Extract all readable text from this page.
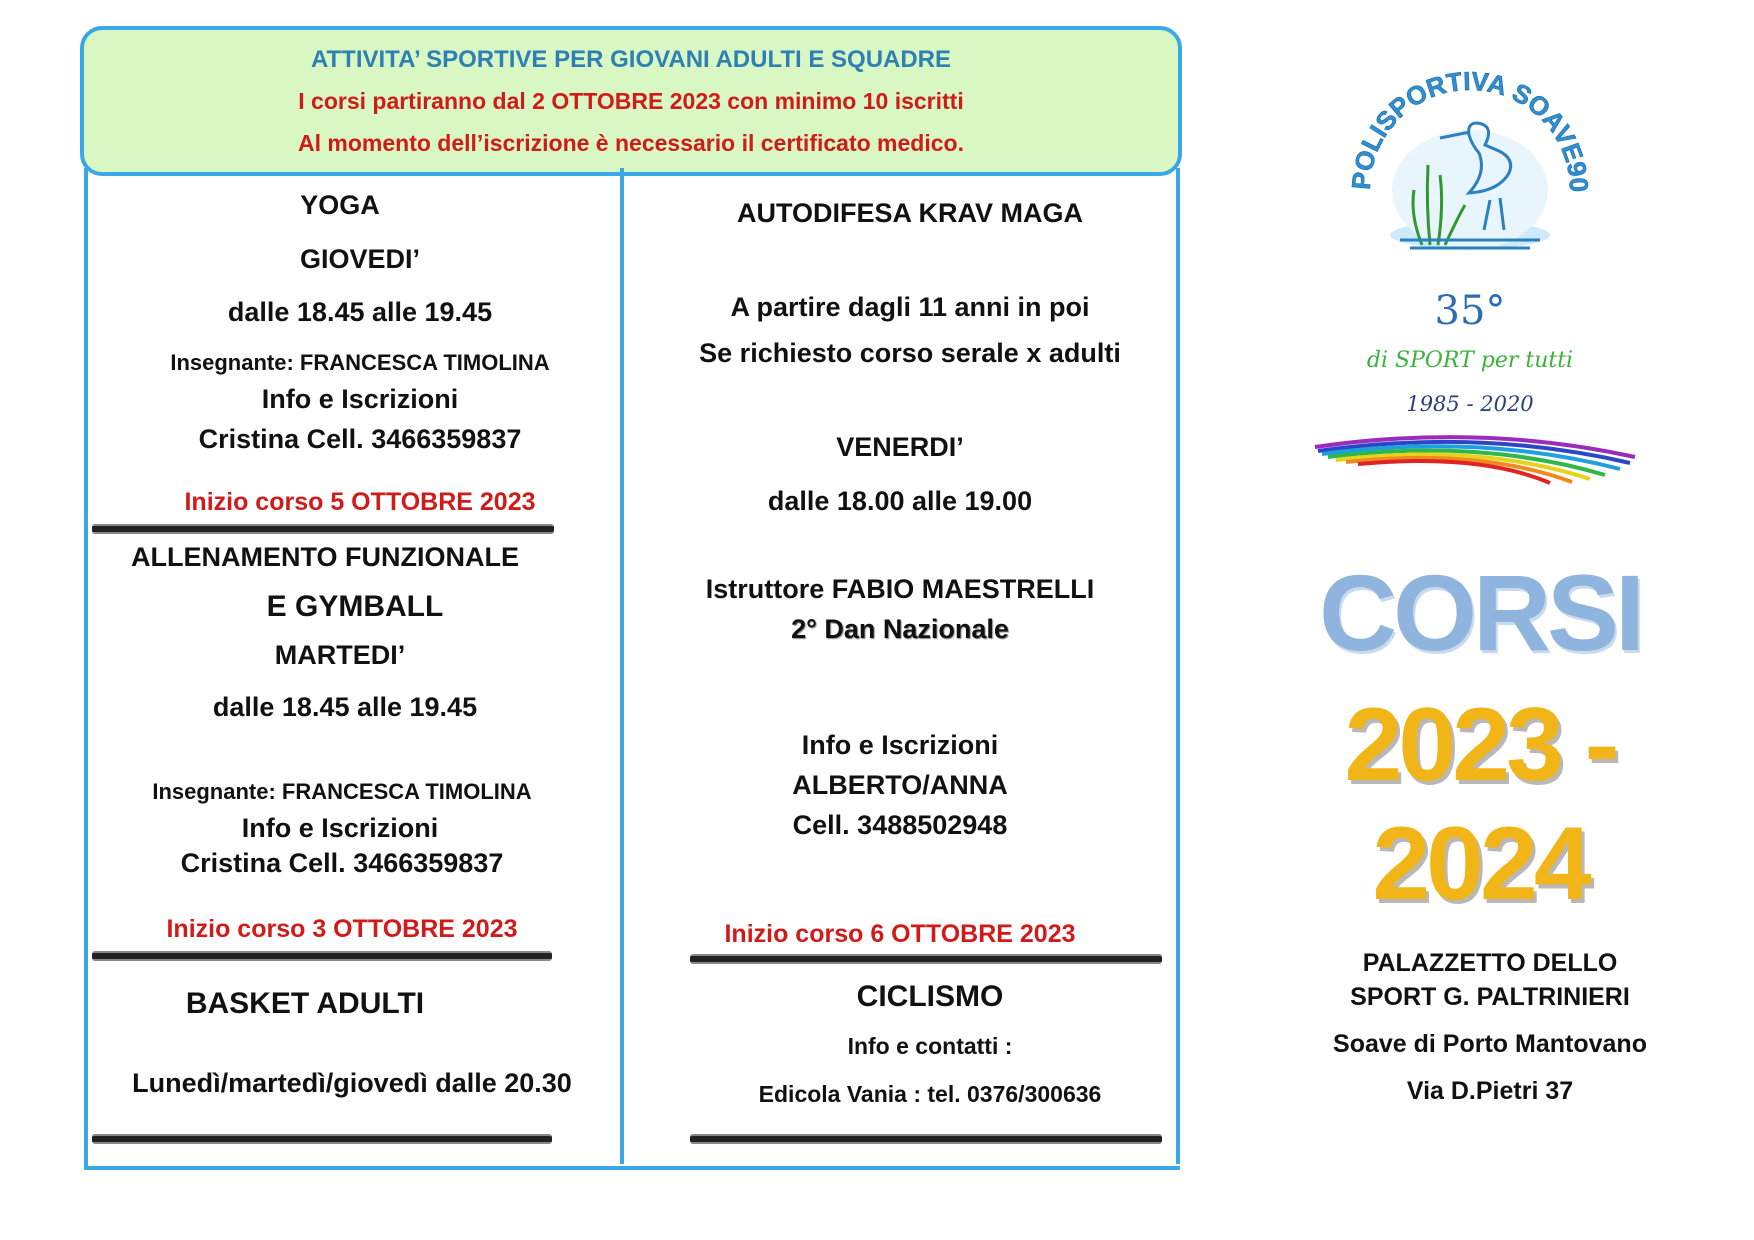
ATTIVITA’ SPORTIVE PER GIOVANI ADULTI E SQUADRE
I corsi partiranno dal 2 OTTOBRE 2023 con minimo 10 iscritti
Al momento dell’iscrizione è necessario il certificato medico.
YOGA
GIOVEDI’
dalle 18.45 alle 19.45
Insegnante: FRANCESCA TIMOLINA
Info e Iscrizioni
Cristina Cell. 3466359837
Inizio corso 5 OTTOBRE 2023
ALLENAMENTO FUNZIONALE
E GYMBALL
MARTEDI’
dalle 18.45 alle 19.45
Insegnante: FRANCESCA TIMOLINA
Info e Iscrizioni
Cristina Cell. 3466359837
Inizio corso 3 OTTOBRE 2023
BASKET ADULTI
Lunedì/martedì/giovedì dalle 20.30
AUTODIFESA KRAV MAGA
A partire dagli 11 anni in poi
Se richiesto corso serale x adulti
VENERDI’
dalle 18.00 alle 19.00
Istruttore FABIO MAESTRELLI
2° Dan Nazionale
Info e Iscrizioni
ALBERTO/ANNA
Cell. 3488502948
Inizio corso 6 OTTOBRE 2023
CICLISMO
Info e contatti :
Edicola Vania : tel. 0376/300636
POLISPORTIVA SOAVE90
35°
di SPORT per tutti
1985 - 2020
CORSI
2023 - 2024
PALAZZETTO DELLO
SPORT G. PALTRINIERI
Soave di Porto Mantovano
Via D.Pietri 37
